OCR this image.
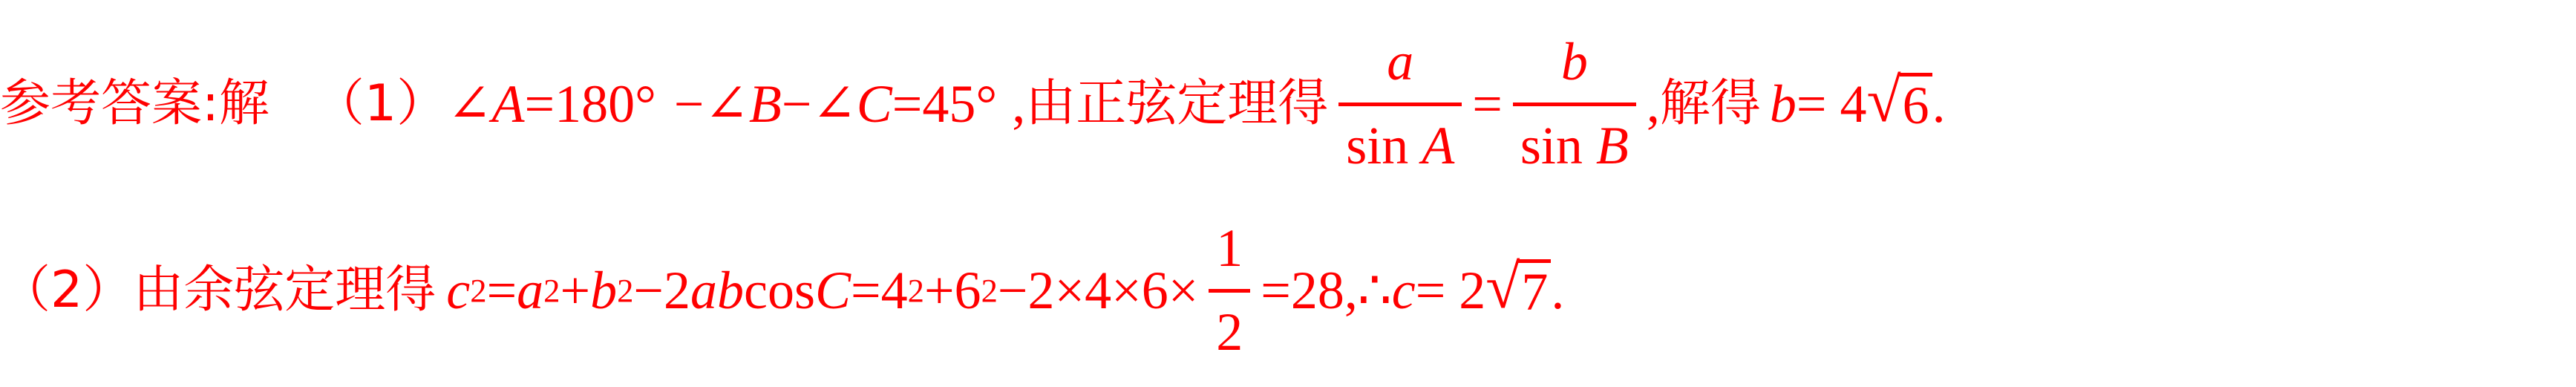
参考答案:解 （1） ∠ A =180° − ∠ B − ∠ C =45° , 由正弦定理得
a
sin A
=
b
sin B
, 解得 b = 4 √ 6 .
（2） 由余弦定理得 c 2 = a 2 + b 2 −2 ab cos C =4 2 +6 2 −2×4×6×
1
2
=28, ∴ c = 2 √ 7 .
